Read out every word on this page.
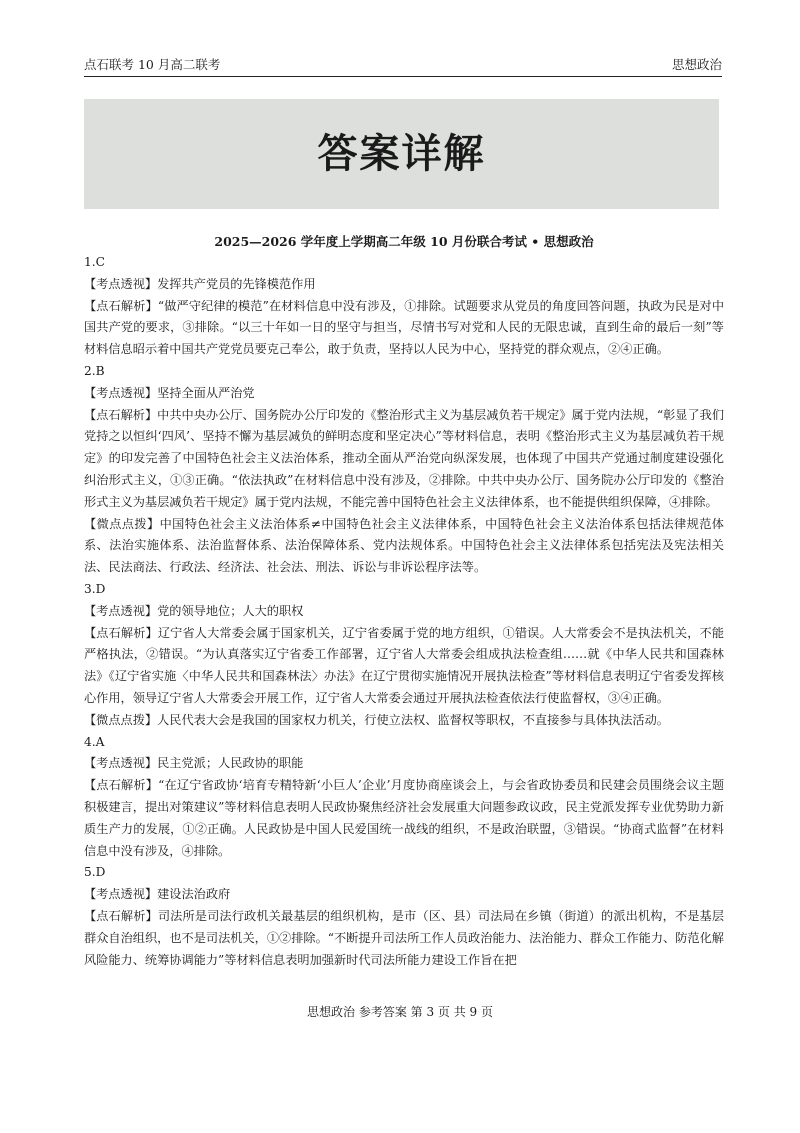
点石联考 10 月高二联考	思想政治
答案详解
2025—2026 学年度上学期高二年级 10 月份联合考试 • 思想政治

1.C

【考点透视】发挥共产党员的先锋模范作用

【点石解析】“做严守纪律的模范”在材料信息中没有涉及，①排除。试题要求从党员的角度回答问题，执政为民是对中国共产党的要求，③排除。“以三十年如一日的坚守与担当，尽情书写对党和人民的无限忠诚，直到生命的最后一刻”等材料信息昭示着中国共产党党员要克己奉公，敢于负责，坚持以人民为中心，坚持党的群众观点，②④正确。

2.B

【考点透视】坚持全面从严治党

【点石解析】中共中央办公厅、国务院办公厅印发的《整治形式主义为基层减负若干规定》属于党内法规，“彰显了我们党持之以恒纠‘四风’、坚持不懈为基层减负的鲜明态度和坚定决心”等材料信息，表明《整治形式主义为基层减负若干规定》的印发完善了中国特色社会主义法治体系，推动全面从严治党向纵深发展，也体现了中国共产党通过制度建设强化纠治形式主义，①③正确。“依法执政”在材料信息中没有涉及，②排除。中共中央办公厅、国务院办公厅印发的《整治形式主义为基层减负若干规定》属于党内法规，不能完善中国特色社会主义法律体系，也不能提供组织保障，④排除。

【微点点拨】中国特色社会主义法治体系≠中国特色社会主义法律体系，中国特色社会主义法治体系包括法律规范体系、法治实施体系、法治监督体系、法治保障体系、党内法规体系。中国特色社会主义法律体系包括宪法及宪法相关法、民法商法、行政法、经济法、社会法、刑法、诉讼与非诉讼程序法等。

3.D

【考点透视】党的领导地位；人大的职权

【点石解析】辽宁省人大常委会属于国家机关，辽宁省委属于党的地方组织，①错误。人大常委会不是执法机关，不能严格执法，②错误。“为认真落实辽宁省委工作部署，辽宁省人大常委会组成执法检查组……就《中华人民共和国森林法》《辽宁省实施〈中华人民共和国森林法〉办法》在辽宁贯彻实施情况开展执法检查”等材料信息表明辽宁省委发挥核心作用，领导辽宁省人大常委会开展工作，辽宁省人大常委会通过开展执法检查依法行使监督权，③④正确。

【微点点拨】人民代表大会是我国的国家权力机关，行使立法权、监督权等职权，不直接参与具体执法活动。

4.A

【考点透视】民主党派；人民政协的职能

【点石解析】“在辽宁省政协‘培育专精特新‘小巨人’企业’月度协商座谈会上，与会省政协委员和民建会员围绕会议主题积极建言，提出对策建议”等材料信息表明人民政协聚焦经济社会发展重大问题参政议政，民主党派发挥专业优势助力新质生产力的发展，①②正确。人民政协是中国人民爱国统一战线的组织，不是政治联盟，③错误。“协商式监督”在材料信息中没有涉及，④排除。

5.D

【考点透视】建设法治政府

【点石解析】司法所是司法行政机关最基层的组织机构，是市（区、县）司法局在乡镇（街道）的派出机构，不是基层群众自治组织，也不是司法机关，①②排除。“不断提升司法所工作人员政治能力、法治能力、群众工作能力、防范化解风险能力、统筹协调能力”等材料信息表明加强新时代司法所能力建设工作旨在把

思想政治 参考答案 第 3 页 共 9 页
